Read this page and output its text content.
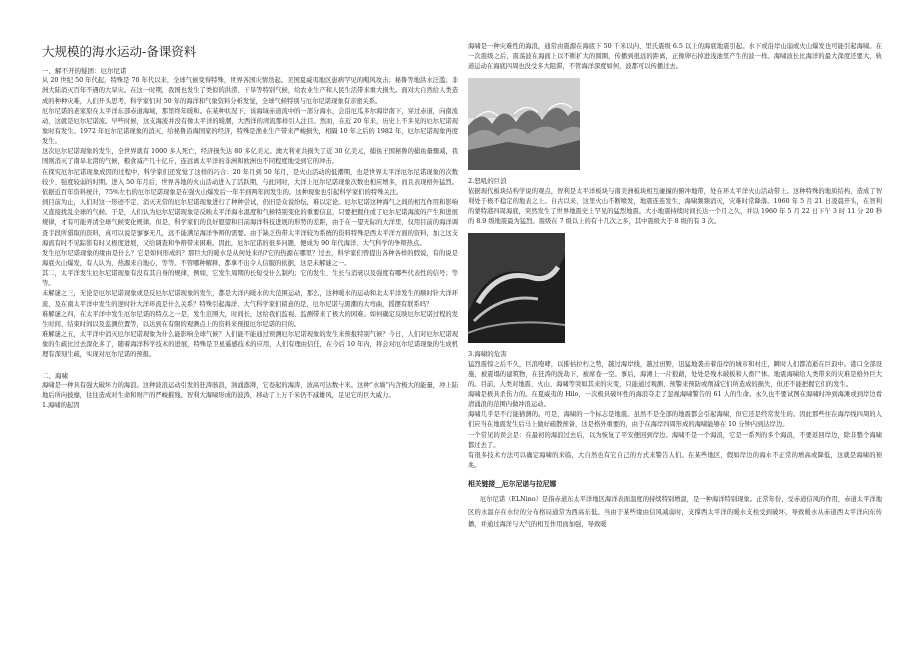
大规模的海水运动-备课资料
一、解不开的疑团：厄尔尼诺
从 20 世纪 50 年代起，特殊是 70 年代以来，全球气候变得特殊，世界各国灾情迭起。美国夏威夷地区患病罕见的飓风攻击；秘鲁等地洪水泛滥；非洲大陆消灭百年不遇的大旱灾。在这一时期，我国也发生了类似的洪涝、干旱等特别气候，给农业生产和人民生活带来重大损失。面对大自然给人类造成的种种灾难，人们开头思考，科学家们对 50 年的海洋和气象资料分析发觉，全球气候特别与厄尔尼诺现象有亲密关系。
厄尔尼诺的老家原在太平洋东部赤道海域，那里终年暖和。在某种状况下，该海域赤道流中的一部分海水，会沿厄瓜多尔海岸南下，穿过赤道，向南流动，这就是厄尔尼诺流。早些时候，这支海流并没有像太平洋的暖潮，大西洋的湾流那样引人注目。然而，在近 20 年来，历史上不多见的厄尔尼诺现象时有发生。1972 年厄尔尼诺现象的消灭，给秘鲁沿海国家的经济，特殊是渔业生产带来严峻损失，相隔 10 年之后的 1982 年，厄尔尼诺现象再度发生。
这次厄尔尼诺现象的发生，全世界就有 1000 多人死亡，经济损失达 80 多亿美元。澳大利亚共损失了近 30 亿美元，捕鱼王国秘鲁的捕鱼量骤减，我国则消灭了南旱北涝的气候，粮食减产几十亿斤，连远离太平洋的非洲和欧洲也不同程度地受到它的冲击。
在探究厄尔尼诺现象成因的过程中，科学家们还发觉了这样的巧合：20 年月到 50 年月，是火山活动的低潮期，也是世界太平洋厄尔尼诺现象的次数较少、强度较弱的时期。进入 50 年月后，世界各地的火山活动进入了活跃期，与此同时，大洋上厄尔尼诺现象次数也相应增多，而且表现格外猛烈。依据近百年资料统计，75%左右的厄尔尼诺现象是在强火山爆发后一年半到两年间发生的。这种现象也引起科学家们的特殊关注。
到目前为止，人们对这一形迹不定、消灭无常的厄尔尼诺现象进行了种种尝试，仍旧是众说纷纭，难以定论。厄尔尼诺这种海气之间的相互作用和影响又直接扰乱全球的气候。于是，人们认为厄尔尼诺现象是反映太平洋海水温度和气候特别变化的重要信息，只要把握住或了厄尔尼诺海流的产生和进展规律，才有可能弄清全球气候变化规律。但是，科学家们的良好愿望和目前海洋科技进展的形势的差距，由于在一望无际的大洋里，仅用目前的海洋调查手段所猎取的资料，真可以说是寥寥无几，远不能满足海洋争辩的需要。由于缺乏热带太平洋较为系统的资料特殊是西太平洋方面的资料，加之这支海流有时不见踪影有时又极度进展，又给调查和争辩带来困难。因此，厄尔尼诺的很多问题，便成为 90 年代海洋、大气科学的争辩热点。
发生厄尔尼诺现象的缘由是什么？它是如何形成的？那巨大的暖水是从何处来的?它的热源在哪里？过去，科学家们曾提出各种各样的假说，有的说是海底火山爆发，有人认为，热源来自地心，等等。不管哪种解释，都拿不出令人信服的依据，这是未解谜之一。
其二，太平洋发生厄尔尼诺现象有没有其自身的规律，例如，它发生周期的长短受什么制约；它的发生、生长与消衰以及强度有哪些代表性的信号；等等。
未解谜之三，无论是厄尔尼诺现象或是反厄尔尼诺现象的发生，都是大洋内暖水的大范围运动，那么，这种暖水的运动和北太平洋发生的顺时针大洋环流，及在南太平洋中发生的逆时针大洋环流是什么关系？特殊引起海洋、大气科学家们留意的是，厄尔尼诺与黑潮的大弯曲，摇摆有联系吗？
难解谜之四，在太平洋中发生厄尔尼诺的特点之一是，发生范围大，时间长，这给我们监视、监测带来了极大的困难。如何确定反映厄尔尼诺过程的发生时间、结束时间以及监测位置等，以达到在有限的观测点上的资料来预报厄尔尼诺的目的。
难解谜之五，太平洋中消灭厄尔尼诺现象为什么能影响全球气候？人们能不能通过预测厄尔尼诺现象的发生来预报特别气候？今日，人们对厄尔尼诺现象的生疏比过去深化多了，随着海洋科学技术的进展，特殊是卫星遥感技术的应用，人们有理由信任，在今后 10 年内，将会对厄尔尼诺现象的生成机理有深刻生疏，实现对厄尔尼诺的预报。
二、海啸
海啸是一种具有强大破坏力的海浪。这种波浪运动引发的狂涛骇浪，汹涌澎湃，它卷起的海涛，波高可达数十米。这种“水墙”内含极大的能量，冲上陆地后所向披靡，往往造成对生命和财产的严峻摧残。智利大海啸形成的波涛，移动了上万千米仍不减雄风，足见它的巨大威力。
1.海啸的起因
海啸是一种灾难性的海浪，通常由震源在海底下 50 千米以内、里氏震级 6.5 以上的海底地震引起。水下或沿岸山崩或火山爆发也可能引起海啸。在一次震级之后，震荡波在海面上以不断扩大的圆圈，传播到很远的距离，正像卵石掉进浅池里产生的波一样。海啸波长比海洋的最大深度还要大，轨道运动在海底四周也没受多大阻滞，不管海洋深度如何，波都可以传播过去。
2.怒吼的巨浪
依据现代板块结构学说的观点，智利是太平洋板块与南美洲板块相互碰撞的俯冲地带，处在环太平洋火山活动带上。这种特殊的地质结构，造成了智利处于极不稳定的地表之上。自古以来，这里火山不断喷发，地震连连发生，海啸频频消灭，灾难时常降落。1960 年 5 月 21 日凌晨开头，在智利的蒙特港四周海底，突然发生了世界地震史上罕见的猛烈地震。大小地震持续时间长达一个月之久，并以 1960 年 5 月 22 日下午 3 时 11 分 20 秒的 8.9 级地震最为猛烈。震级在 7 级以上的有十几次之多，其中震级大于 8 级的有 3 次。
3.海啸的危害
猛烈震惊之后不久，巨浪咆哮，以摧枯拉朽之势，越过海岸线，越过田野，迅猛地袭击着沿岸的城市和村庄，瞬时人们都消逝在巨浪中。港口全部设施，被震塌的建筑物，在狂涛的洗劫下，被席卷一空。事后，海滩上一片狼藉，处处是残木破板和人畜尸体。地震海啸给人类带来的灾难是格外巨大的。目前，人类对地震、火山、海啸等突如其来的灾变，只能通过观测、预警来预防或削减它们所造成的损失，但还不能把握它们的发生。
海啸是极具杀伤力的。在夏威夷的 Hilo，一次极具破坏性的海浪夺走了忽视海啸警告的 61 人的生命。永久也不要试图在海啸时冲到海滩或到岸边看清涌浪的范围内做冲浪运动。
海啸几乎是不行能猜测的。可是，海啸的一个标志是地震。虽然不是全部的地震都会引起海啸，但它还是经常发生的。因此那些住在海岸线四周的人们应当在地震发生后马上做好疏散预备，这是格外重要的，由于在海岸四周形成的海啸能够在 10 分钟内到达岸边。
一个常见的误会是：在最初的海浪过去后，以为恢复了平安便回到岸边。海啸不是一个海浪，它是一系列的多个海浪，不要返回岸边，除非整个海啸都过去了。
有很多技术方法可以确定海啸的来临，大自然也有它自己的方式来警告人们。在某些地区，假如岸边的海水不正常的增高或降低，这就是海啸的预兆。
相关链接__厄尔尼诺与拉尼娜
厄尔尼诺（ELNino）是指赤道东太平洋地区海洋表面温度的持续特别增温，是一种海洋特别现象。正常年份，受赤道信风的作用，赤道太平洋地区的水温存在水位的分布格局通常为西高东低。当由于某些缘由信风减弱时，支撑西太平洋的暖水支柱受到破坏，导致暖水从赤道西太平洋向东传播，并通过海洋与大气的相互作用而加强，导致暖
